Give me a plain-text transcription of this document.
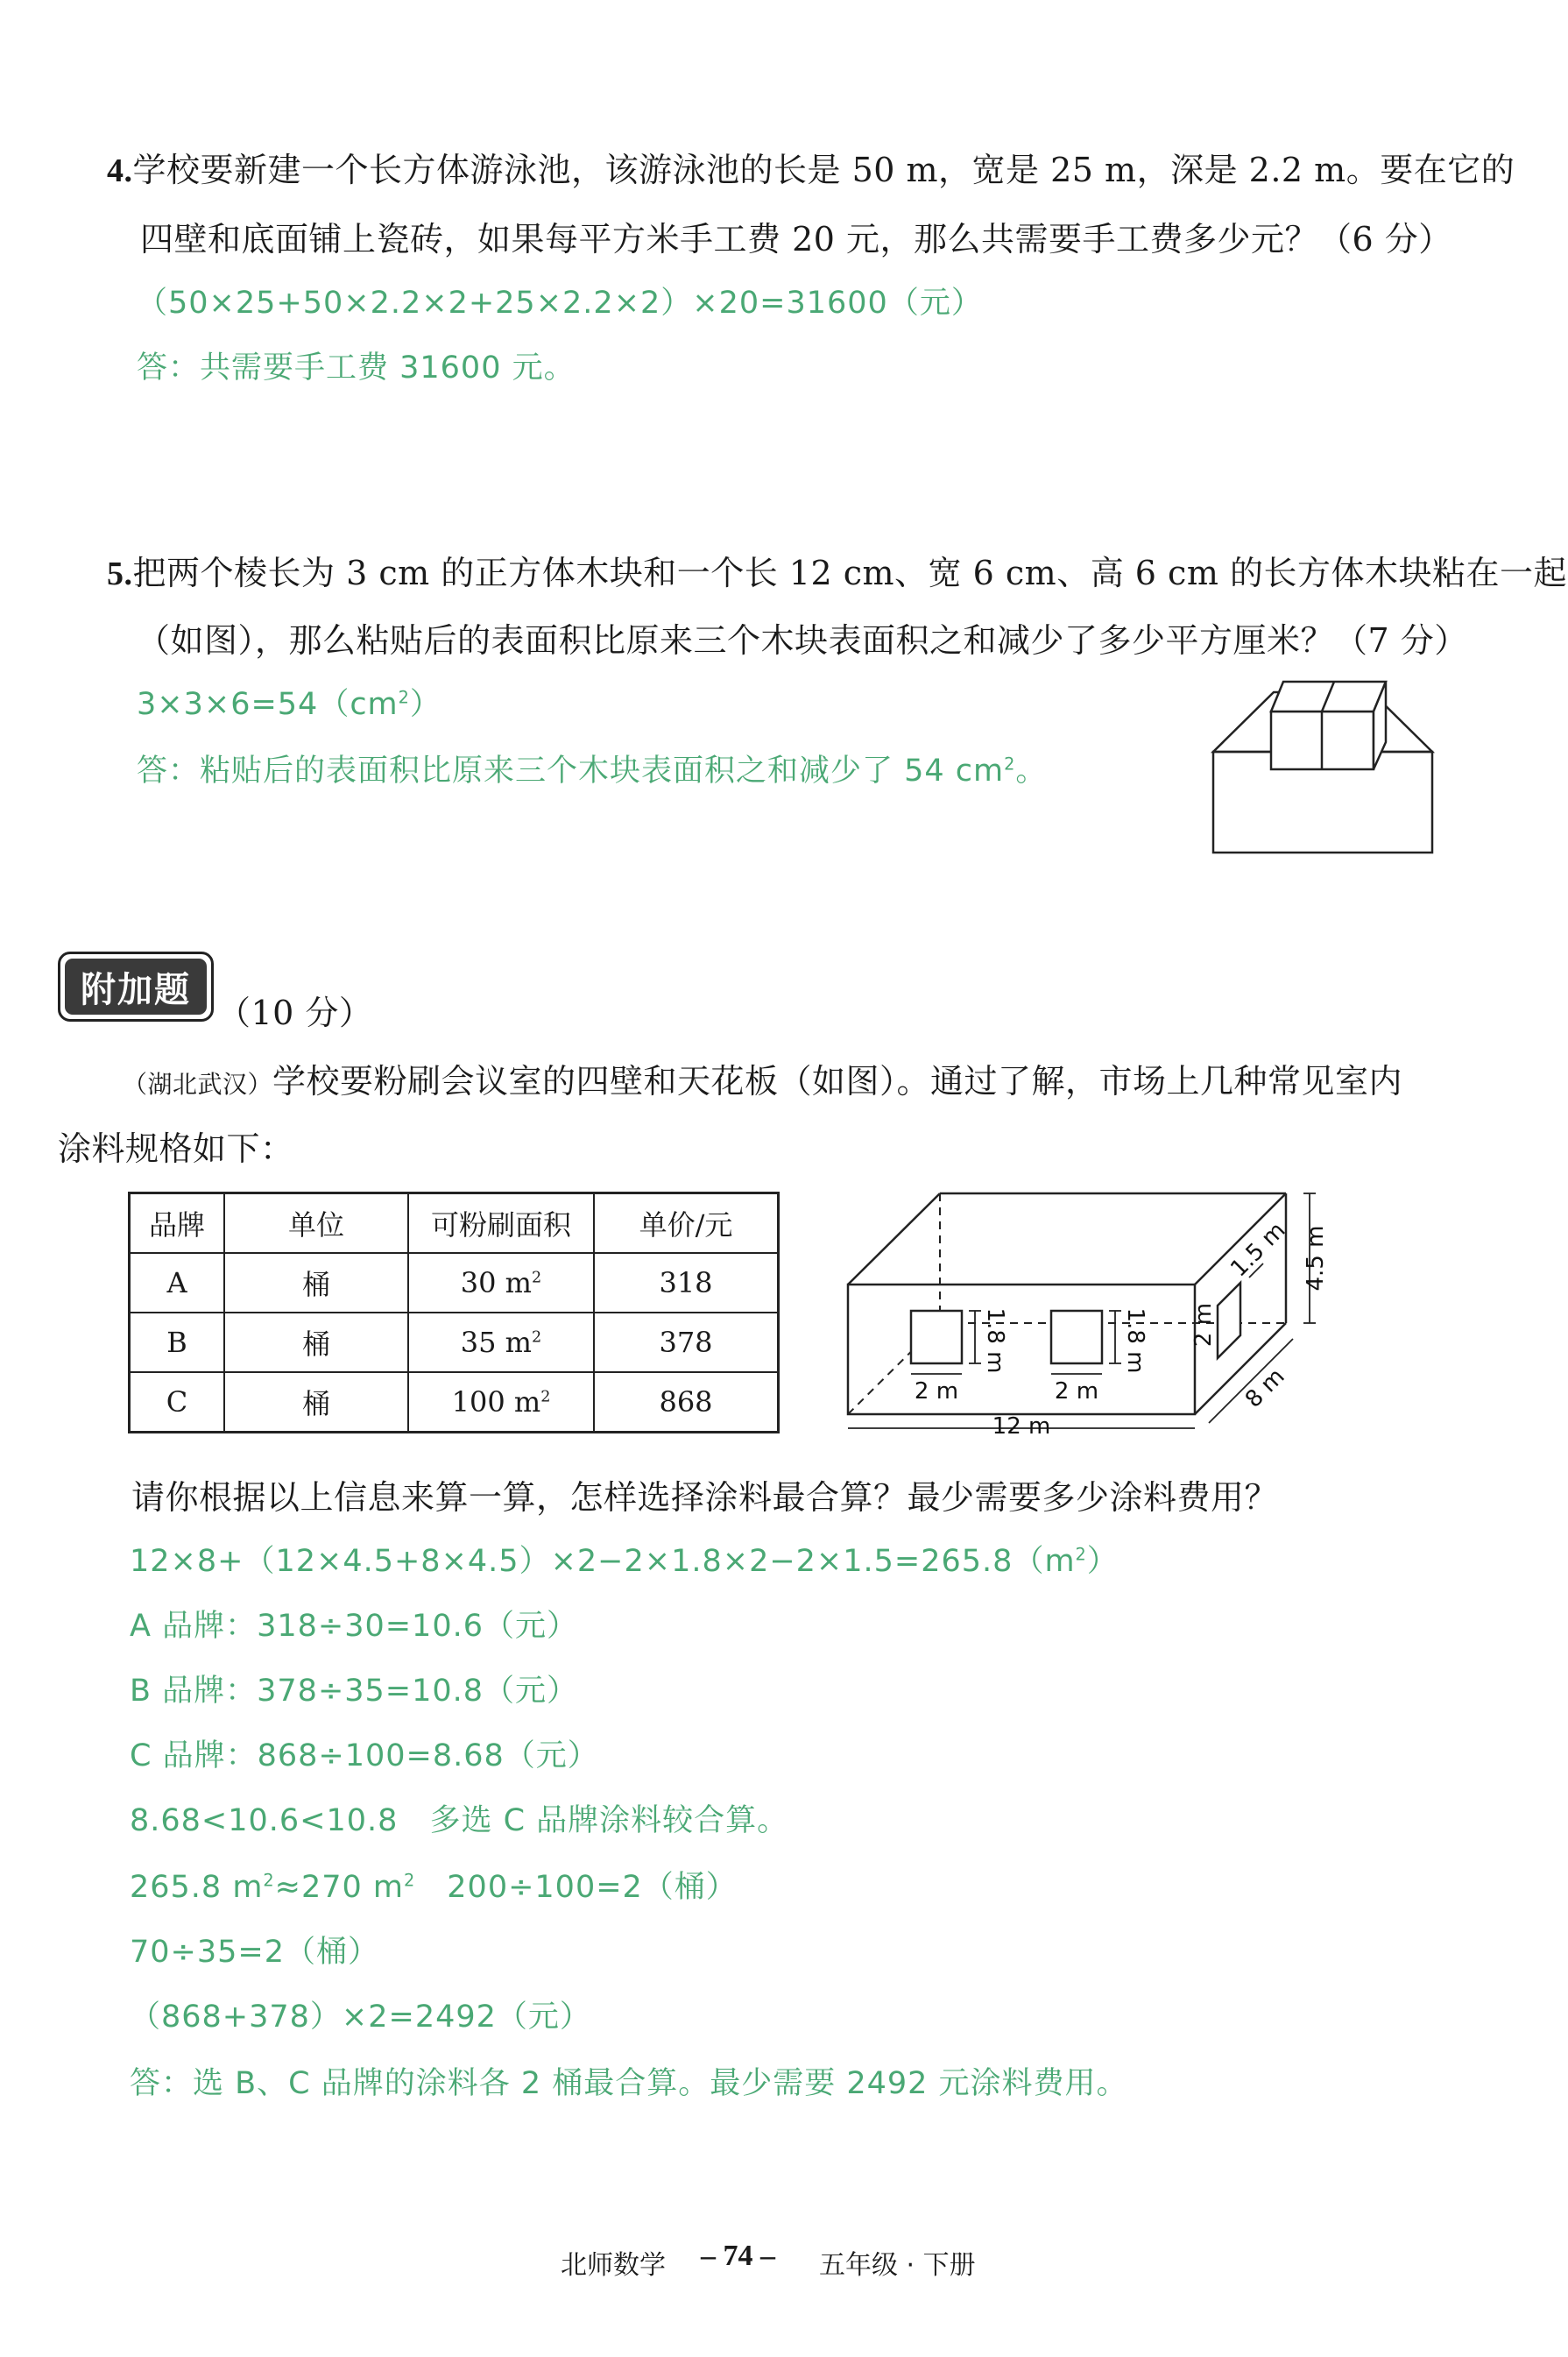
4.学校要新建一个长方体游泳池，该游泳池的长是 50 m，宽是 25 m，深是 2.2 m。要在它的
四壁和底面铺上瓷砖，如果每平方米手工费 20 元，那么共需要手工费多少元？（6 分）
（50×25+50×2.2×2+25×2.2×2）×20=31600（元）
答：共需要手工费 31600 元。
5.把两个棱长为 3 cm 的正方体木块和一个长 12 cm、宽 6 cm、高 6 cm 的长方体木块粘在一起
（如图），那么粘贴后的表面积比原来三个木块表面积之和减少了多少平方厘米？（7 分）
$3\times 3\times 6=54(cm^2)$
答：粘贴后的表面积比原来三个木块表面积之和减少了 54 $cm^2$。
附加题
（10 分）
（湖北武汉）学校要粉刷会议室的四壁和天花板（如图）。通过了解，市场上几种常见室内
涂料规格如下：
品牌	单位	可粉刷面积	单价/元
A	桶	30 $m^2$	318
B	桶	35 $m^2$	378
C	桶	100 $m^2$	868
1.8 m	1.8 m
2 m	2 m
12 m
4.5 m
1.5 m
2 m
8 m
请你根据以上信息来算一算，怎样选择涂料最合算？最少需要多少涂料费用？
$12\times 8+(12\times 4.5+8\times 4.5)\times 2-2\times 1.8\times 2-2\times 1.5=265.8(m^2)$
A 品牌：318÷30=10.6（元）
B 品牌：378÷35=10.8（元）
C 品牌：868÷100=8.68（元）
8.68<10.6<10.8　多选 C 品牌涂料较合算。
265.8 $m^2\approx 270$ $m^2$　200÷100=2（桶）
70÷35=2（桶）
（868+378）×2=2492（元）
答：选 B、C 品牌的涂料各 2 桶最合算。最少需要 2492 元涂料费用。
北师数学 – 74 – 五年级 · 下册
